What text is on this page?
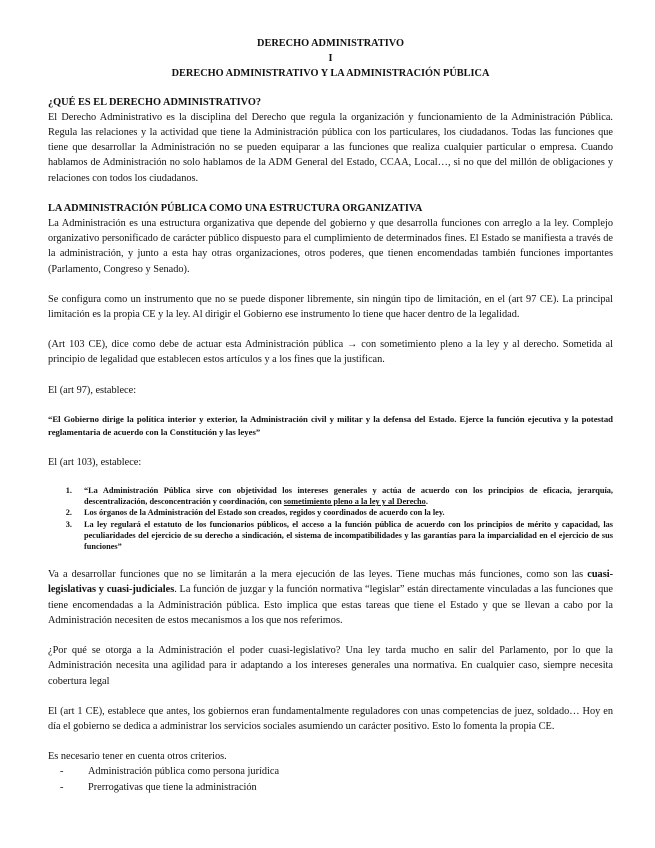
DERECHO ADMINISTRATIVO
I
DERECHO ADMINISTRATIVO Y LA ADMINISTRACIÓN PÚBLICA
¿QUÉ ES EL DERECHO ADMINISTRATIVO?

El Derecho Administrativo es la disciplina del Derecho que regula la organización y funcionamiento de la Administración Pública. Regula las relaciones y la actividad que tiene la Administración pública con los particulares, los ciudadanos. Todas las funciones que tiene que desarrollar la Administración no se pueden equiparar a las funciones que realiza cualquier particular o empresa. Cuando hablamos de Administración no solo hablamos de la ADM General del Estado, CCAA, Local…, si no que del millón de obligaciones y relaciones con todos los ciudadanos.

LA ADMINISTRACIÓN PÚBLICA COMO UNA ESTRUCTURA ORGANIZATIVA

La Administración es una estructura organizativa que depende del gobierno y que desarrolla funciones con arreglo a la ley. Complejo organizativo personificado de carácter público dispuesto para el cumplimiento de determinados fines. El Estado se manifiesta a través de la administración, y junto a esta hay otras organizaciones, otros poderes, que tienen encomendadas también funciones importantes (Parlamento, Congreso y Senado).

Se configura como un instrumento que no se puede disponer libremente, sin ningún tipo de limitación, en el (art 97 CE). La principal limitación es la propia CE y la ley. Al dirigir el Gobierno ese instrumento lo tiene que hacer dentro de la legalidad.

(Art 103 CE), dice como debe de actuar esta Administración pública → con sometimiento pleno a la ley y al derecho. Sometida al principio de legalidad que establecen estos artículos y a los fines que la justifican.

El (art 97), establece:

“El Gobierno dirige la política interior y exterior, la Administración civil y militar y la defensa del Estado. Ejerce la función ejecutiva y la potestad reglamentaria de acuerdo con la Constitución y las leyes”

El (art 103), establece:

1. “La Administración Pública sirve con objetividad los intereses generales y actúa de acuerdo con los principios de eficacia, jerarquía, descentralización, desconcentración y coordinación, con sometimiento pleno a la ley y al Derecho.
2. Los órganos de la Administración del Estado son creados, regidos y coordinados de acuerdo con la ley.
3. La ley regulará el estatuto de los funcionarios públicos, el acceso a la función pública de acuerdo con los principios de mérito y capacidad, las peculiaridades del ejercicio de su derecho a sindicación, el sistema de incompatibilidades y las garantías para la imparcialidad en el ejercicio de sus funciones”

Va a desarrollar funciones que no se limitarán a la mera ejecución de las leyes. Tiene muchas más funciones, como son las cuasi-legislativas y cuasi-judiciales. La función de juzgar y la función normativa “legislar” están directamente vinculadas a las funciones que tiene encomendadas a la Administración pública. Esto implica que estas tareas que tiene el Estado y que se llevan a cabo por la Administración necesiten de estos mecanismos a los que nos referimos.

¿Por qué se otorga a la Administración el poder cuasi-legislativo? Una ley tarda mucho en salir del Parlamento, por lo que la Administración necesita una agilidad para ir adaptando a los intereses generales una normativa. En cualquier caso, siempre necesita cobertura legal

El (art 1 CE), establece que antes, los gobiernos eran fundamentalmente reguladores con unas competencias de juez, soldado… Hoy en día el gobierno se dedica a administrar los servicios sociales asumiendo un carácter positivo. Esto lo fomenta la propia CE.

Es necesario tener en cuenta otros criterios.

- Administración pública como persona jurídica
- Prerrogativas que tiene la administración
